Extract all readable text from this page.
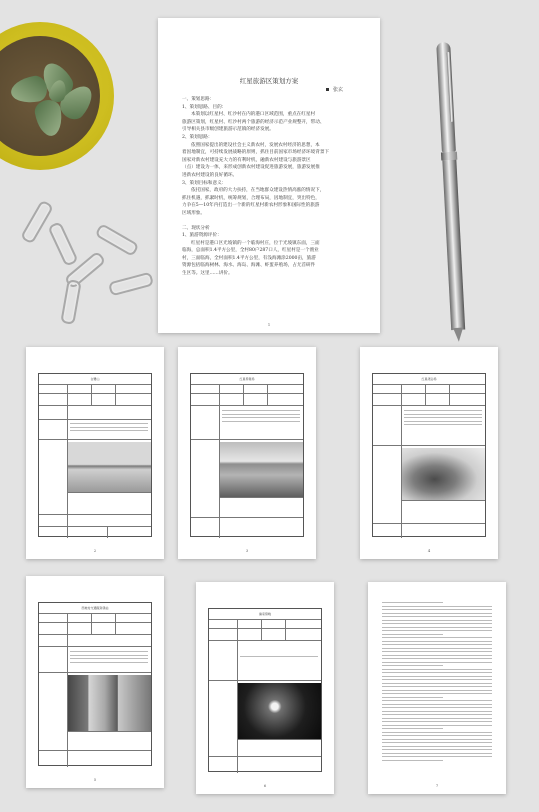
红星旅游区策划方案
张玄
一、策划思路：
1、策划思路、目的：
本策划以红星村、红沙村在内的港口区域范围，重点在红星村
旅游区策划，红星村、红沙村两个旅游的经济示范产业规整开，带动、
引导相关县市级创建旅游示范镇的经济发展。
2、策划思路：
依照国家提出的建设社会主义新农村，发展农村经济的思想，本
着因地制宜，可持续发展战略的原则，抓住目前国家市场经济环境背景下
国家对新农村建设充大力的有利时机，融新农村建设与旅游景区
（点）建设为一体，来形成创新农村建设促进旅游发展，旅游发展推
进新农村建设的良好循环。
3、策划目标和意义：
依托国家，政府的大力扶持，在当地群众建设热情高涨的情况下，
抓住机遇，抓紧时机，统筹规划，合理布局，因地制宜，突出特色，
力争在5—10年内打造出一个新的红星村新农村形象和国际性的旅游
区域形象。
二、现状分析
1、旅游资源评价：
红星村是港口区光坡镇的一个临海村庄，位于光坡镇东面，三面
临海，总面积1.4平方公里，全村80户287口人，红星村是一个渔业
村，三面临海，全村面积1.4平方公里，有浅海滩涂2000亩，旅游
资源包括临海树林、海水、海岛、海滩、虾蛋养殖场，占尤首研件
生区等。这里……讲价。
1
白鹭山
2
红星养殖场
3
红星湾浴场
4
西坡村交通服务驿站
5
渔家傍晚
6	7
